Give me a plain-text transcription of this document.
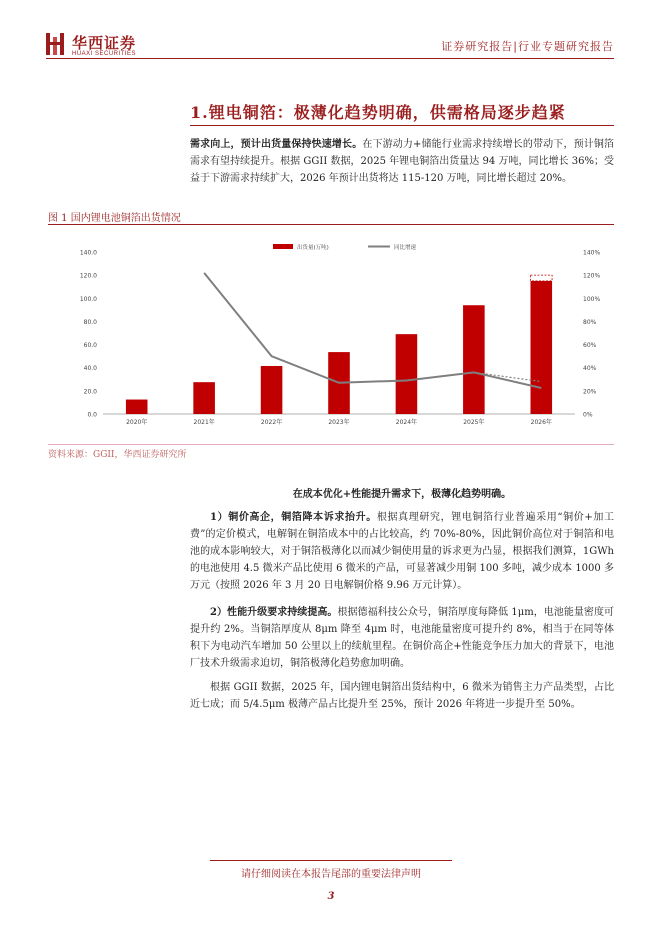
华西证券
HUAXI SECURITIES
证券研究报告|行业专题研究报告
1.锂电铜箔：极薄化趋势明确，供需格局逐步趋紧
需求向上，预计出货量保持快速增长。在下游动力+储能行业需求持续增长的带动下，预计铜箔需求有望持续提升。根据 GGII 数据，2025 年锂电铜箔出货量达 94 万吨，同比增长 36%；受益于下游需求持续扩大，2026 年预计出货将达 115-120 万吨，同比增长超过 20%。
图 1 国内锂电池铜箔出货情况
0.0
20.0
40.0
60.0
80.0
100.0
120.0
140.0
0%
20%
40%
60%
80%
100%
120%
140%
2020年	2021年	2022年	2023年	2024年	2025年	2026年
出货量(万吨)	同比增速
资料来源：GGII，华西证券研究所
在成本优化+性能提升需求下，极薄化趋势明确。
1）铜价高企，铜箔降本诉求抬升。根据真理研究，锂电铜箔行业普遍采用“铜价+加工费”的定价模式，电解铜在铜箔成本中的占比较高，约 70%-80%，因此铜价高位对于铜箔和电池的成本影响较大，对于铜箔极薄化以而减少铜使用量的诉求更为凸显，根据我们测算，1GWh 的电池使用 4.5 微米产品比使用 6 微米的产品，可显著减少用铜 100 多吨，减少成本 1000 多万元（按照 2026 年 3 月 20 日电解铜价格 9.96 万元计算）。
2）性能升级要求持续提高。根据德福科技公众号，铜箔厚度每降低 1μm，电池能量密度可提升约 2%。当铜箔厚度从 8μm 降至 4μm 时，电池能量密度可提升约 8%，相当于在同等体积下为电动汽车增加 50 公里以上的续航里程。在铜价高企+性能竞争压力加大的背景下，电池厂技术升级需求迫切，铜箔极薄化趋势愈加明确。
根据 GGII 数据，2025 年，国内锂电铜箔出货结构中，6 微米为销售主力产品类型，占比近七成；而 5/4.5μm 极薄产品占比提升至 25%，预计 2026 年将进一步提升至 50%。
请仔细阅读在本报告尾部的重要法律声明
3
